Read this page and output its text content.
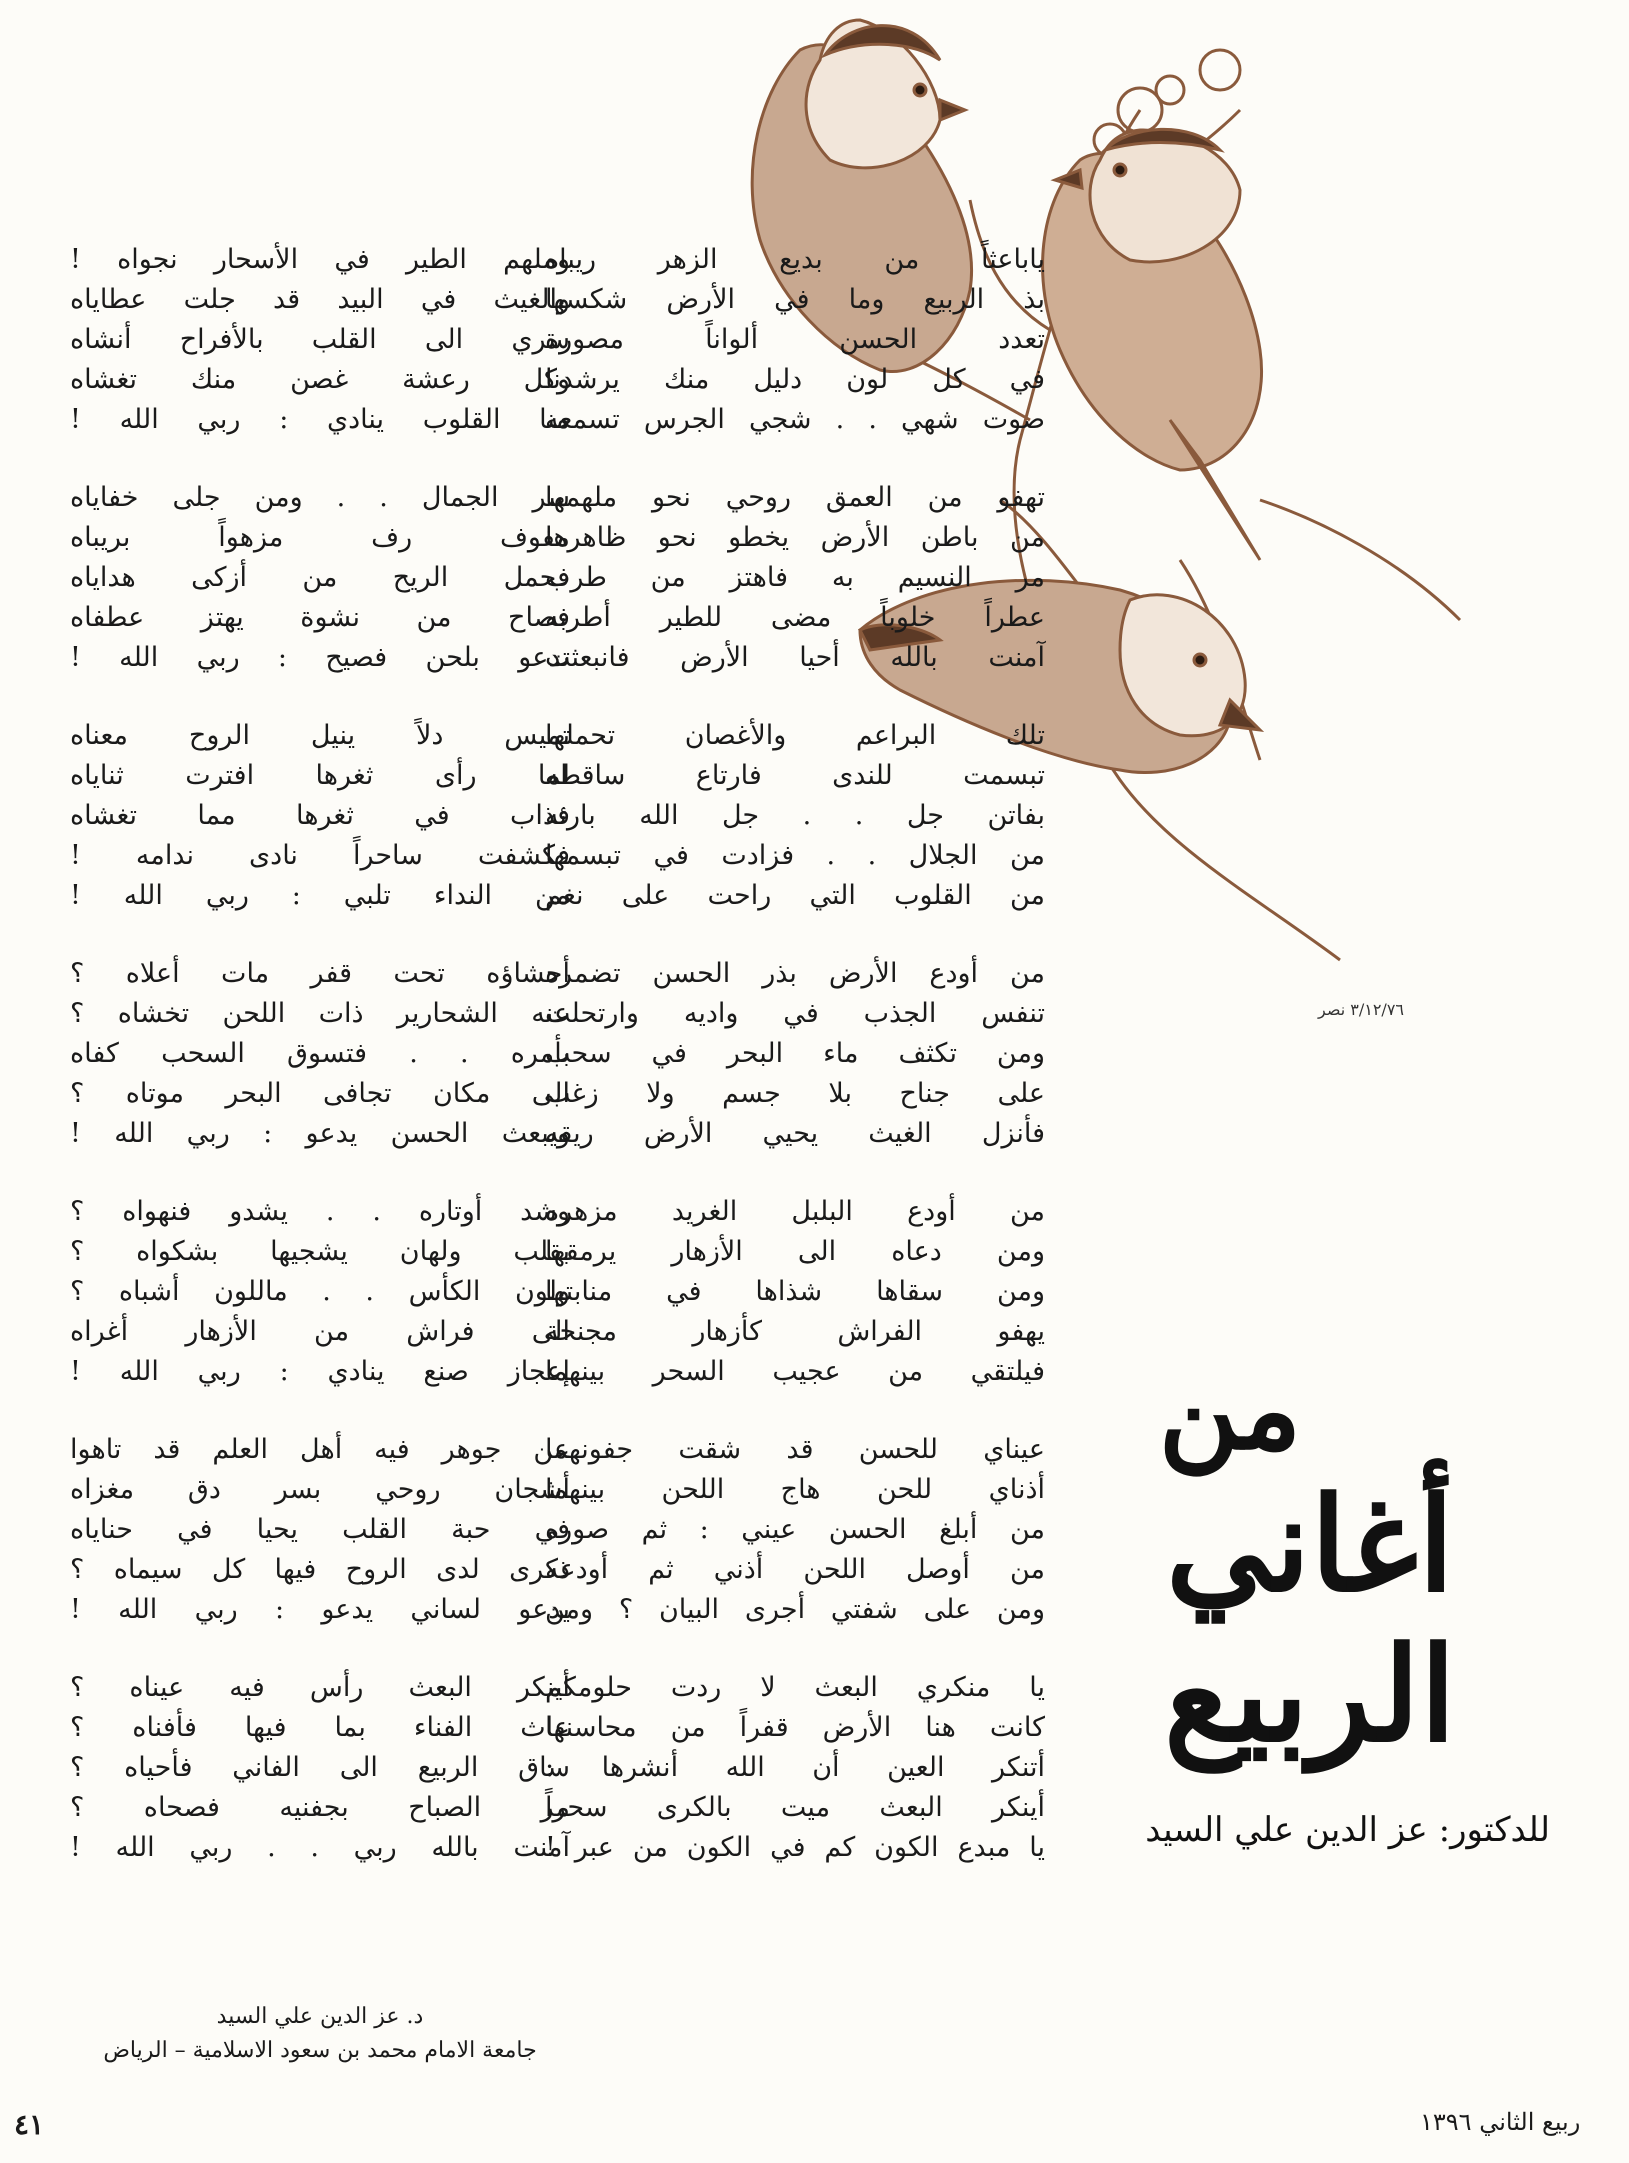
٣/١٢/٧٦ نصر
من
أغاني
الربيع
للدكتور: عز الدين علي السيد
ياباعثاً من بديع الزهر ريباه
بذ الربيع وما في الأرض شكسها
تعدد الحسن ألواناً مصورة
في كل لون دليل منك يرشدنا
صوت شهي . . شجي الجرس تسمعه
تهفو من العمق روحي نحو ملهمها
من باطن الأرض يخطو نحو ظاهرها
مر النسيم به فاهتز من طرب
عطراً خلوباً مضى للطير أطربه
آمنت بالله أحيا الأرض فانبعثت
تلك البراعم والأغصان تحملها
تبسمت للندى فارتاع ساقطه
بفاتن جل . . جل الله بارئه
من الجلال . . فزادت في تبسمها
من القلوب التي راحت على نغم
من أودع الأرض بذر الحسن تضمره
تنفس الجذب في واديه وارتحلت
ومن تكثف ماء البحر في سحب
على جناح بلا جسم ولا زغب
فأنزل الغيث يحيي الأرض ريقه
من أودع البلبل الغريد مزهره
ومن دعاه الى الأزهار يرمقها
ومن سقاها شذاها في منابتها
يهفو الفراش كأزهار مجنحة
فيلتقي من عجيب السحر بينهما
عيناي للحسن قد شقت جفونهما
أذناي للحن هاج اللحن بينهما
من أبلغ الحسن عيني : ثم صوره
من أوصل اللحن أذني ثم أودعه
ومن على شفتي أجرى البيان ؟ ومن
يا منكري البعث لا ردت حلومكم
كانت هنا الأرض قفراً من محاسنها
أتنكر العين أن الله أنشرها :
أينكر البعث ميت بالكرى سحراً
يا مبدع الكون كم في الكون من عبر !
وملهم الطير في الأسحار نجواه !
والغيث في البيد قد جلت عطاياه
سري الى القلب بالأفراح أنشاه
وكل رعشة غصن منك تغشاه
منا القلوب ينادي : ربي الله !
سر الجمال . . ومن جلى خفاياه
مفوف رف مزهواً بريباه
فحمل الريح من أزكى هداياه
فصاح من نشوة يهتز عطفاه
تدعو بلحن فصيح : ربي الله !
تميس دلاً ينيل الروح معناه
لما رأى ثغرها افترت ثناياه
فذاب في ثغرها مما تغشاه
فكشفت ساحراً نادى ندامه !
من النداء تلبي : ربي الله !
أحشاؤه تحت قفر مات أعلاه ؟
عنه الشحارير ذات اللحن تخشاه ؟
بأمره . . فتسوق السحب كفاه
الى مكان تجافى البحر موتاه ؟
ويبعث الحسن يدعو : ربي الله !
وشد أوتاره . . يشدو فنهواه ؟
بقلب ولهان يشجيها بشكواه ؟
ولون الكأس . . ماللون أشباه ؟
الى فراش من الأزهار أغراه
إعجاز صنع ينادي : ربي الله !
عن جوهر فيه أهل العلم قد تاهوا
أشجان روحي بسر دق مغزاه
في حبة القلب يحيا في حناياه
ذكرى لدى الروح فيها كل سيماه ؟
يدعو لساني يدعو : ربي الله !
أينكر البعث رأس فيه عيناه ؟
عاث الفناء بما فيها فأفناه ؟
ساق الربيع الى الفاني فأحياه ؟
مر الصباح بجفنيه فصحاه ؟
آمنت بالله ربي . . ربي الله !
د. عز الدين علي السيد
جامعة الامام محمد بن سعود الاسلامية – الرياض
٤١	ربيع الثاني ١٣٩٦
